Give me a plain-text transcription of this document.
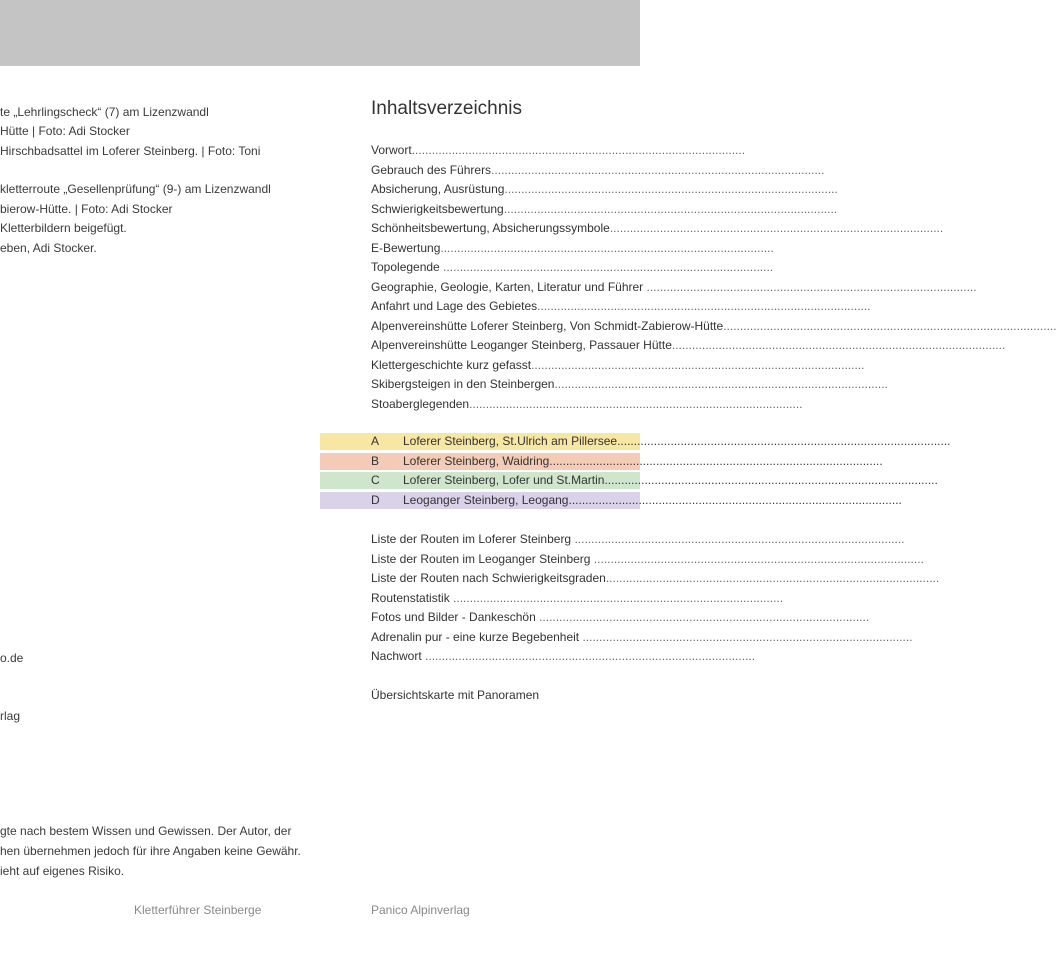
te „Lehrlingscheck“ (7) am Lizenzwandl
Hütte | Foto: Adi Stocker
Hirschbadsattel im Loferer Steinberg. | Foto: Toni
kletterroute „Gesellenprüfung“ (9-) am Lizenzwandl
bierow-Hütte. | Foto: Adi Stocker
Kletterbildern beigefügt.
eben, Adi Stocker.
o.de
rlag
gte nach bestem Wissen und Gewissen. Der Autor, der
hen übernehmen jedoch für ihre Angaben keine Gewähr.
ieht auf eigenes Risiko.
Kletterführer Steinberge
Inhaltsverzeichnis
Vorwort....................................................................................................
Gebrauch des Führers....................................................................................................
Absicherung, Ausrüstung....................................................................................................
Schwierigkeitsbewertung....................................................................................................
Schönheitsbewertung, Absicherungssymbole....................................................................................................
E-Bewertung....................................................................................................
Topolegende ...................................................................................................
Geographie, Geologie, Karten, Literatur und Führer ...................................................................................................
Anfahrt und Lage des Gebietes....................................................................................................
Alpenvereinshütte Loferer Steinberg, Von Schmidt-Zabierow-Hütte....................................................................................................
Alpenvereinshütte Leoganger Steinberg, Passauer Hütte....................................................................................................
Klettergeschichte kurz gefasst....................................................................................................
Skibergsteigen in den Steinbergen....................................................................................................
Stoaberglegenden....................................................................................................
A Loferer Steinberg, St.Ulrich am Pillersee....................................................................................................
B Loferer Steinberg, Waidring....................................................................................................
C Loferer Steinberg, Lofer und St.Martin....................................................................................................
D Leoganger Steinberg, Leogang....................................................................................................
Liste der Routen im Loferer Steinberg ...................................................................................................
Liste der Routen im Leoganger Steinberg ...................................................................................................
Liste der Routen nach Schwierigkeitsgraden....................................................................................................
Routenstatistik ...................................................................................................
Fotos und Bilder - Dankeschön ...................................................................................................
Adrenalin pur - eine kurze Begebenheit ...................................................................................................
Nachwort ...................................................................................................
Übersichtskarte mit Panoramen
Panico Alpinverlag
